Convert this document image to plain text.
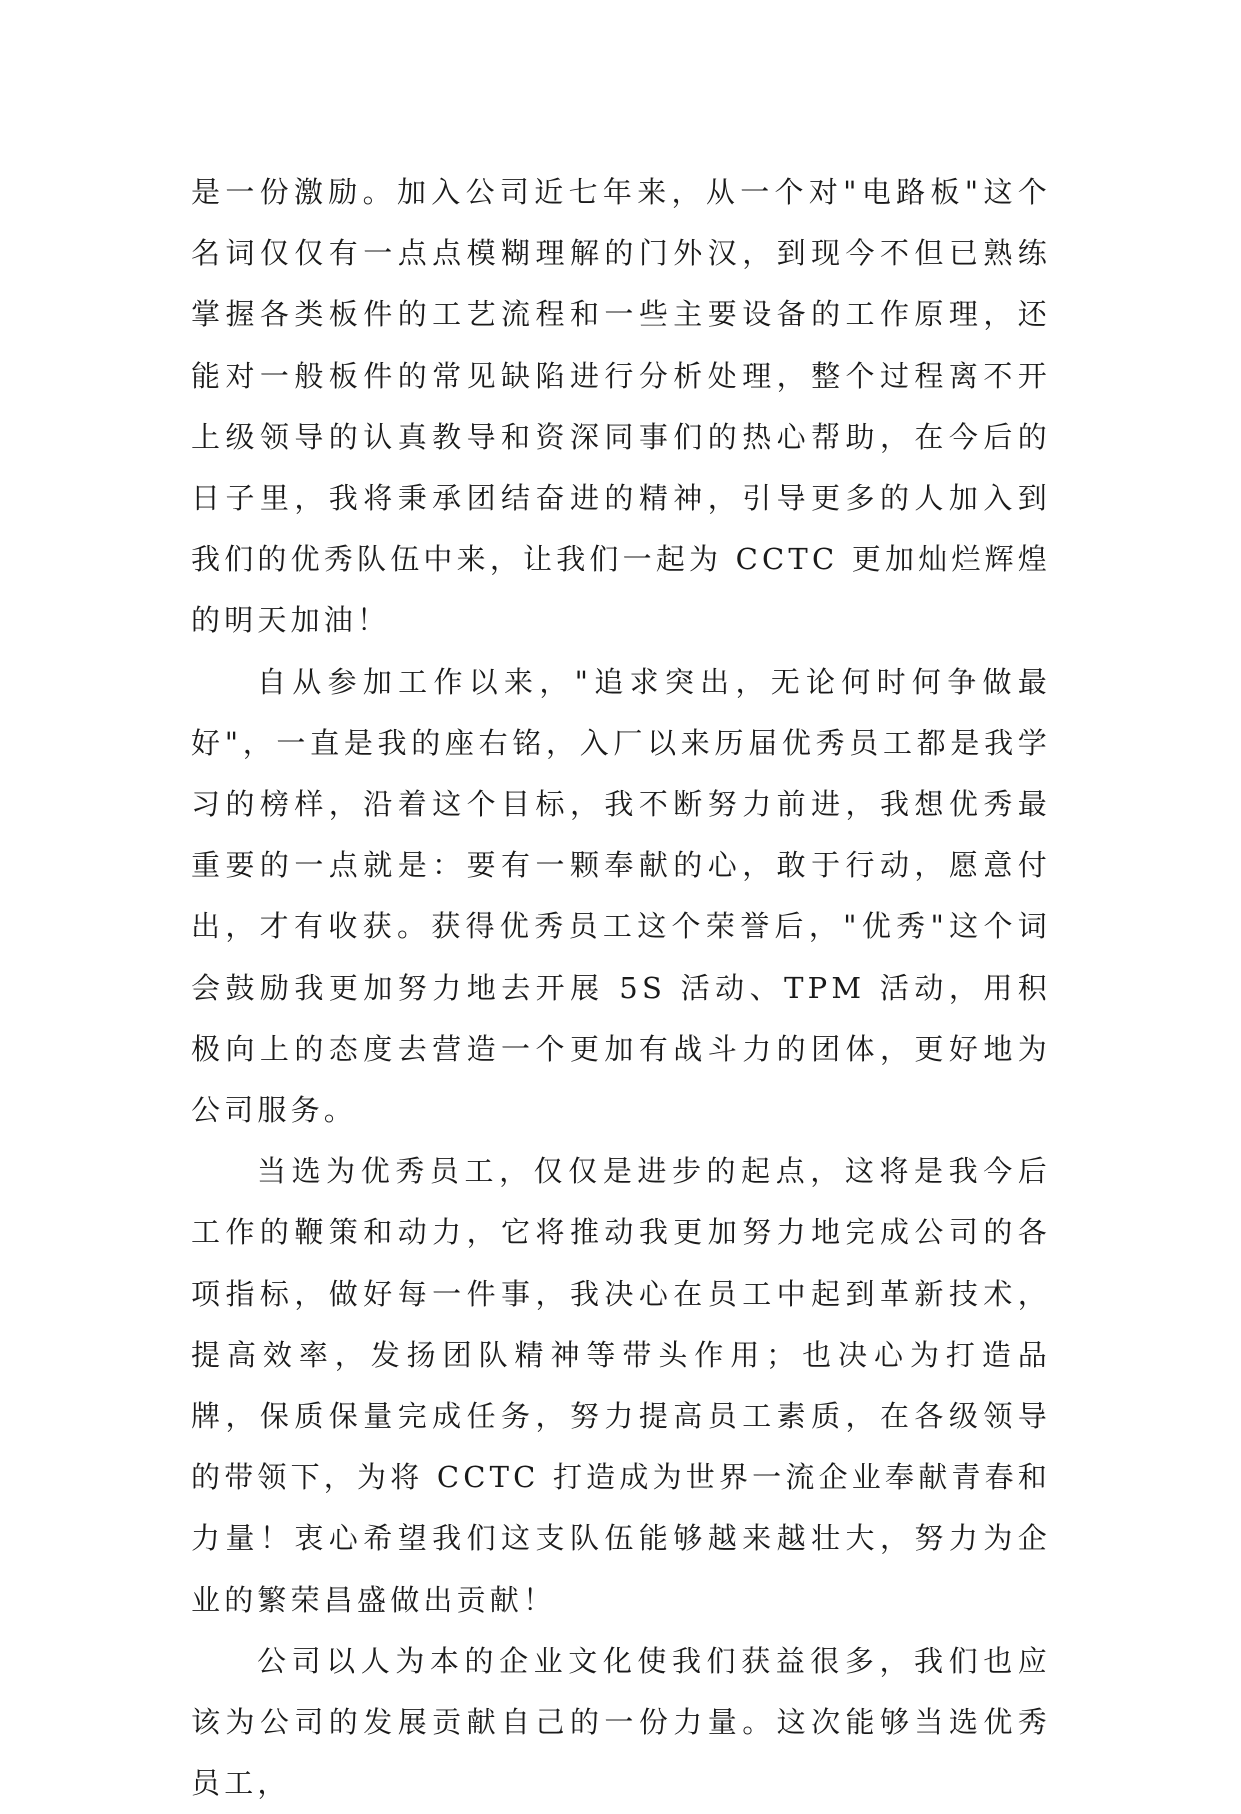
是一份激励。加入公司近七年来，从一个对"电路板"这个名词仅仅有一点点模糊理解的门外汉，到现今不但已熟练掌握各类板件的工艺流程和一些主要设备的工作原理，还能对一般板件的常见缺陷进行分析处理，整个过程离不开上级领导的认真教导和资深同事们的热心帮助，在今后的日子里，我将秉承团结奋进的精神，引导更多的人加入到我们的优秀队伍中来，让我们一起为 CCTC 更加灿烂辉煌的明天加油！

自从参加工作以来，"追求突出，无论何时何争做最好"，一直是我的座右铭，入厂以来历届优秀员工都是我学习的榜样，沿着这个目标，我不断努力前进，我想优秀最重要的一点就是：要有一颗奉献的心，敢于行动，愿意付出，才有收获。获得优秀员工这个荣誉后，"优秀"这个词会鼓励我更加努力地去开展 5S 活动、TPM 活动，用积极向上的态度去营造一个更加有战斗力的团体，更好地为公司服务。

当选为优秀员工，仅仅是进步的起点，这将是我今后工作的鞭策和动力，它将推动我更加努力地完成公司的各项指标，做好每一件事，我决心在员工中起到革新技术，提高效率，发扬团队精神等带头作用；也决心为打造品牌，保质保量完成任务，努力提高员工素质，在各级领导的带领下，为将 CCTC 打造成为世界一流企业奉献青春和力量！衷心希望我们这支队伍能够越来越壮大，努力为企业的繁荣昌盛做出贡献！

公司以人为本的企业文化使我们获益很多，我们也应该为公司的发展贡献自己的一份力量。这次能够当选优秀员工，
